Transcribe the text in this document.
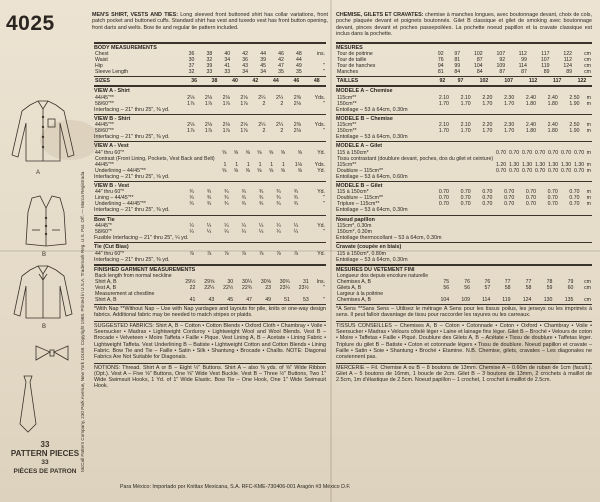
4025
McCall Pattern Company, 230 Park Avenue, New York 10169. Copyright 1988. Printed in U.S.A. Trademark Reg. U.S. Pat. Off. — Marca Registrada
A
B
B
33
PATTERN PIECES
33
PIÈCES DE PATRON
MEN'S SHIRT, VESTS AND TIES: Long sleeved front buttoned shirt has collar variations, front patch pocket and buttoned cuffs. Standard shirt has vest and tuxedo vest has front button opening, front darts and welts. Bow tie and regular tie pattern included.
BODY MEASUREMENTS
Chest	36	38	40	42	44	46	48	ins.
Waist	30	32	34	36	39	42	44	
Hip	37	39	41	43	45	47	49	"
Sleeve Length	32	33	33	34	34	35	35	"
SIZES	36	38	40	42	44	46	48	
VIEW A - Shirt
44/45"**	2⅛	2⅛	2⅛	2⅛	2¼	2¼	2⅜	Yds.
58/60"**	1⅞	1⅞	1⅞	1⅞	2	2	2⅛	"
Interfacing – 21" thru 25", ⅜ yd.
VIEW B - Shirt
44/45"**	2⅛	2⅛	2⅛	2⅛	2¼	2¼	2⅜	Yds.
58/60"**	1⅞	1⅞	1⅞	1⅞	2	2	2⅛	"
Interfacing – 21" thru 25", ⅜ yd.
VIEW A - Vest
44" thru 60"*	⅝	⅝	⅝	⅝	⅝	⅝	⅝	Yd.
Contrast (Front Lining, Pockets, Vest Back and Belt)								
44/45"**	1	1	1	1	1	1	1⅛	Yds.
Underlining – 44/45"**	⅝	⅝	⅝	⅝	⅝	⅝	⅝	Yd.
Interfacing – 21" thru 25", ⅝ yd.
VIEW B - Vest
44" thru 60"*	¾	¾	¾	¾	¾	¾	¾	Yd.
Lining – 44/45"**	¾	¾	¾	¾	¾	¾	¾	"
Underlining – 44/45"**	¾	¾	¾	¾	¾	¾	¾	"
Interfacing – 21" thru 25", ⅜ yd.
Bow Tie
44/45"*	¼	¼	¼	¼	¼	¼	¼	Yd.
58/60"*	¼	¼	¼	¼	¼	¼	¼	"
Fusible Interfacing – 21" thru 25", ¼ yd.
Tie (Cut Bias)
44" thru 60"*	⅞	⅞	⅞	⅞	⅞	⅞	⅞	Yd.
Interfacing – 21" thru 25", ⅜ yd.
FINISHED GARMENT MEASUREMENTS
Back length from normal neckline								
Shirt A, B	29½	29⅝	30	30¼	30⅝	30¾	31	Ins.
Vest A, B	22	22¼	22½	22¾	23	23¼	23½	"
Measurement at chestline								
Shirt A, B	41	43	45	47	49	51	53	"
*With Nap **Without Nap – Use with Nap yardages and layouts for pile, knits or one-way design fabrics. Additional fabric may be needed to match stripes or plaids.
SUGGESTED FABRICS: Shirt A, B – Cotton • Cotton Blends • Oxford Cloth • Chambray • Voile • Seersucker • Madras • Lightweight Corduroy • Lightweight Wool and Wool Blends. Vest B – Brocade • Velveteen • Moire Taffeta • Faille • Pique. Vest Lining A, B – Acetate • Lining Fabric • Lightweight Taffeta. Vest Underlining B – Batiste • Lightweight Cotton and Cotton Blends • Lining Fabric. Bow Tie and Tie – Faille • Satin • Silk • Shantung • Brocade • Challis. NOTE: Diagonal Fabrics Are Not Suitable for Diagonals.
NOTIONS: Thread. Shirt A or B – Eight ½" Buttons. Shirt A – also ⅜ yds. of ⅝" Wide Ribbon (Opt.). Vest A – Five ⅝" Buttons, One ⅝" Wide Vest Buckle. Vest B – Three ½" Buttons, Two 1" Wide Swimsuit Hooks, 1 Yd. of 1" Wide Elastic. Bow Tie – One Hook, One 1" Wide Swimsuit Hook.
CHEMISE, GILETS ET CRAVATES: chemise à manches longues, avec boutonnage devant, choix de cols, poche plaquée devant et poignets boutonnés. Gilet B classique et gilet de smoking avec boutonnage devant, pinces devant et poches passepoilées. La pochette noeud papillon et la cravate classique est inclus dans la pochette.
MESURES
Tour de poitrine	92	97	102	107	112	117	122	cm
Tour de taille	76	81	87	92	99	107	112	cm
Tour de hanches	94	99	104	109	114	119	124	cm
Manches	81	84	84	87	87	89	89	cm
TAILLES	92	97	102	107	112	117	122	
MODELE A – Chemise
115cm**	2.10	2.10	2.20	2.30	2.40	2.40	2.50	m
150cm**	1.70	1.70	1.70	1.70	1.80	1.80	1.90	m
Entoilage – 53 à 64cm, 0.30m
MODELE B – Chemise
115cm**	2.10	2.10	2.20	2.30	2.40	2.40	2.50	m
150cm**	1.70	1.70	1.70	1.70	1.80	1.80	1.90	m
Entoilage – 53 à 64cm, 0.30m
MODELE A – Gilet
115 à 150cm*	0.70	0.70	0.70	0.70	0.70	0.70	0.70	m
Tissu contrastant (doublure devant, poches, dos du gilet et ceinture)								
115cm**	1.20	1.30	1.30	1.30	1.30	1.30	1.30	m
Doublure – 115cm**	0.70	0.70	0.70	0.70	0.70	0.70	0.70	m
Entoilage – 53 à 64cm, 0.60m
MODELE B – Gilet
115 à 150cm*	0.70	0.70	0.70	0.70	0.70	0.70	0.70	m
Doublure – 115cm**	0.70	0.70	0.70	0.70	0.70	0.70	0.70	m
Triplure – 115cm**	0.70	0.70	0.70	0.70	0.70	0.70	0.70	m
Entoilage – 53 à 64cm, 0.30m
Noeud papillon
115cm*, 0.30m
150cm*, 0.30m
Entoilage thermocollant – 53 à 64cm, 0.30m
Cravate (coupée en biais)
115 à 150cm*, 0.80m
Entoilage – 53 à 64cm, 0.30m
MESURES DU VETEMENT FINI
Longueur dos depuis encolure naturelle								
Chemises A, B	75	76	76	77	77	78	79	cm
Gilets A, B	56	56	57	58	58	59	60	cm
Largeur à la poitrine								
Chemises A, B	104	109	114	119	124	130	135	cm
*A Sens **Sans Sens – Utilisez le métrage A Sens pour les tissus poilus, les jerseys ou les imprimés à sens. Il peut falloir davantage de tissu pour raccorder les rayures ou les carreaux.
TISSUS CONSEILLES – Chemises A, B – Coton • Cotonnade • Coton • Oxford • Chambray • Voile • Seersucker • Madras • Velours côtelé léger • Laine et lainage fins léger. Gilet B – Broché • Velours de coton • Moire • Taffetas • Faille • Piqué. Doublure des Gilets A, B – Acétate • Tissu de doublure • Taffetas léger. Triplure du gilet B – Batiste • Coton et cotonnade légers • Tissu de doublure. Noeud papillon et cravate – Faille • Satin • Soie • Shantung • Broché • Etamine. N.B. Chemise, gilets, cravates – Les diagonales ne conviennent pas.
MERCERIE – Fil. Chemise A ou B – 8 boutons de 13mm. Chemise A – 0.60m de ruban de 1cm (facult.). Gilet A – 5 boutons de 16mm, 1 boucle de 2cm. Gilet B – 3 boutons de 13mm, 2 crochets à maillot de 2.5cm, 1m d'élastique de 2.5cm. Noeud papillon – 1 crochet, 1 crochet à maillot de 2.5cm.
Para México: Importado por Knittax Mexicana, S.A. RFC-KME-730406-001 Aragón #3 México D.F.
